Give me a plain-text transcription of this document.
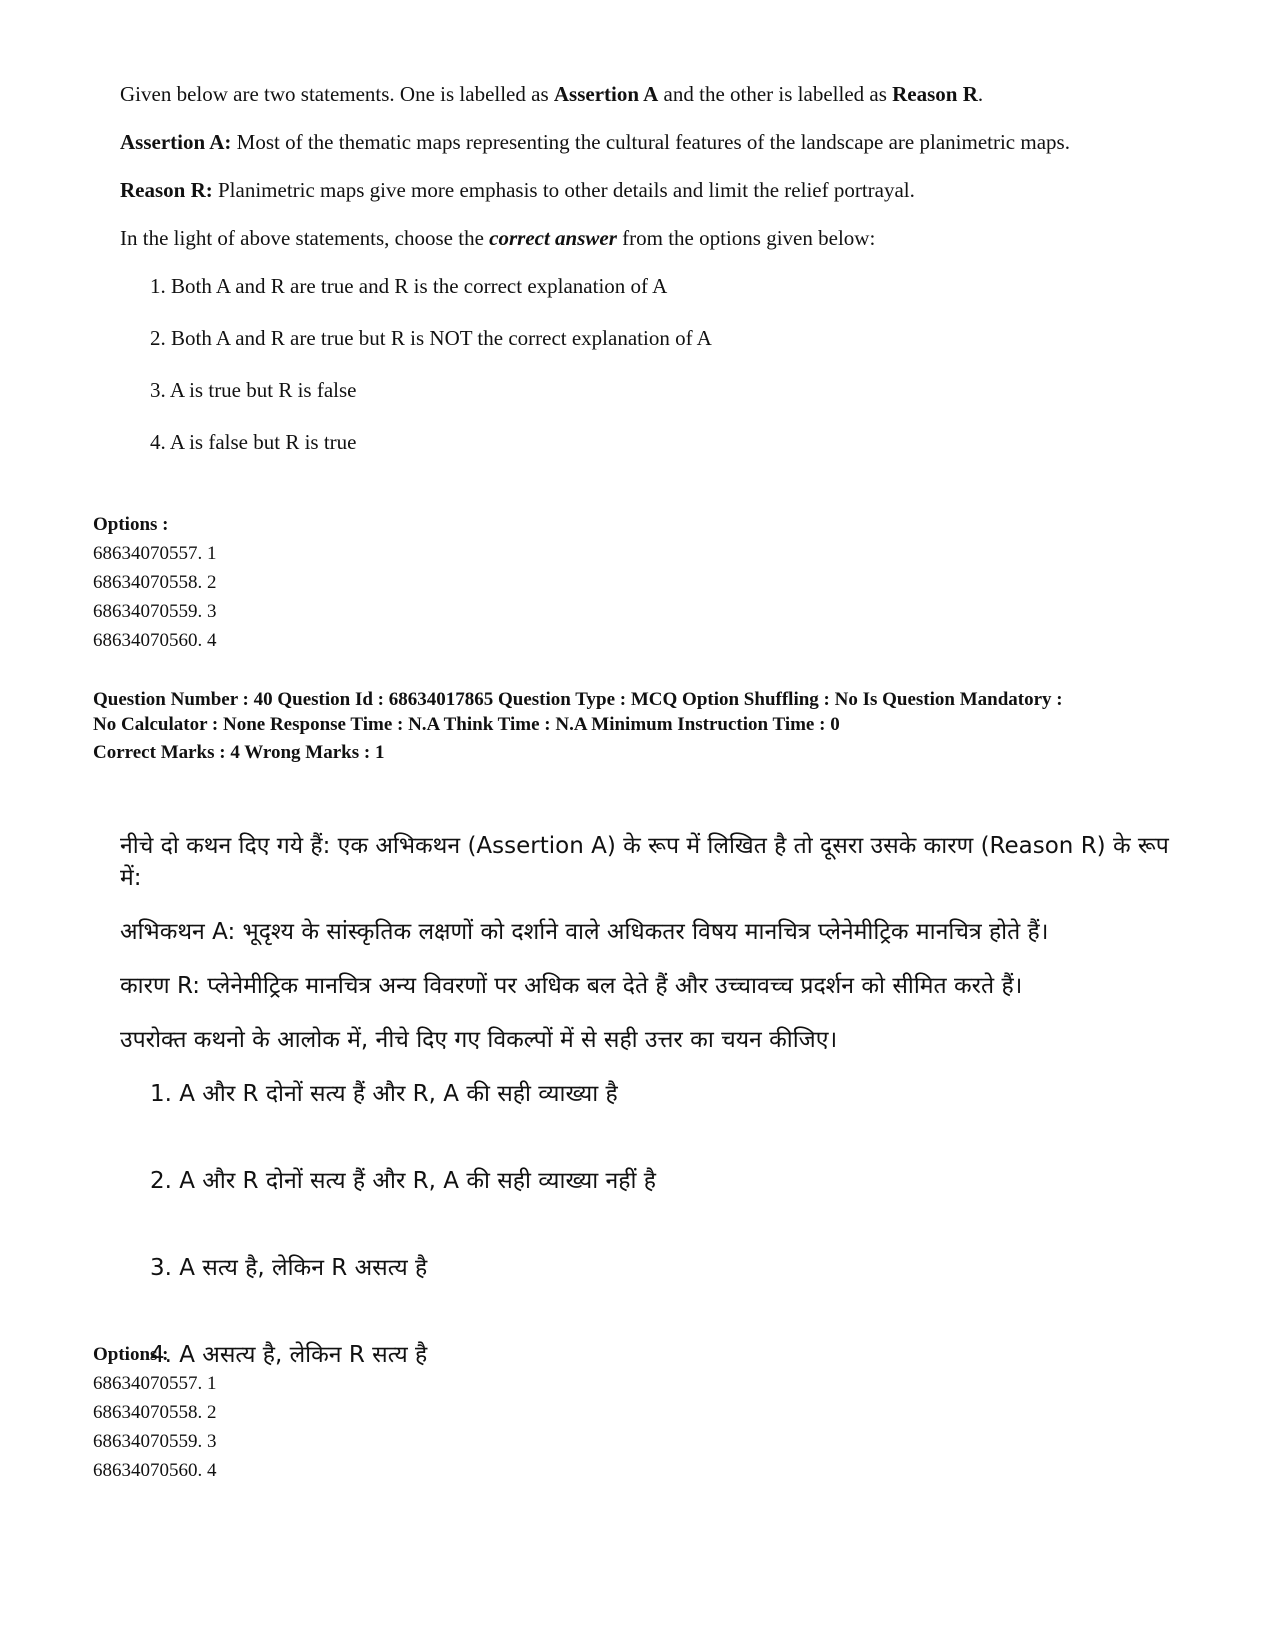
Given below are two statements. One is labelled as Assertion A and the other is labelled as Reason R.

Assertion A: Most of the thematic maps representing the cultural features of the landscape are planimetric maps.

Reason R: Planimetric maps give more emphasis to other details and limit the relief portrayal.

In the light of above statements, choose the correct answer from the options given below:

1. Both A and R are true and R is the correct explanation of A

2. Both A and R are true but R is NOT the correct explanation of A

3. A is true but R is false

4. A is false but R is true

Options :
68634070557. 1
68634070558. 2
68634070559. 3
68634070560. 4
Question Number : 40 Question Id : 68634017865 Question Type : MCQ Option Shuffling : No Is Question Mandatory :
No Calculator : None Response Time : N.A Think Time : N.A Minimum Instruction Time : 0
Correct Marks : 4 Wrong Marks : 1

नीचे दो कथन दिए गये हैं: एक अभिकथन (Assertion A) के रूप में लिखित है तो दूसरा उसके कारण (Reason R) के रूप में:

अभिकथन A: भूदृश्य के सांस्कृतिक लक्षणों को दर्शाने वाले अधिकतर विषय मानचित्र प्लेनेमीट्रिक मानचित्र होते हैं।

कारण R: प्लेनेमीट्रिक मानचित्र अन्य विवरणों पर अधिक बल देते हैं और उच्चावच्च प्रदर्शन को सीमित करते हैं।

उपरोक्त कथनो के आलोक में, नीचे दिए गए विकल्पों में से सही उत्तर का चयन कीजिए।

1. A और R दोनों सत्य हैं और R, A की सही व्याख्या है

2. A और R दोनों सत्य हैं और R, A की सही व्याख्या नहीं है

3. A सत्य है, लेकिन R असत्य है

4. A असत्य है, लेकिन R सत्य है

Options :
68634070557. 1
68634070558. 2
68634070559. 3
68634070560. 4
